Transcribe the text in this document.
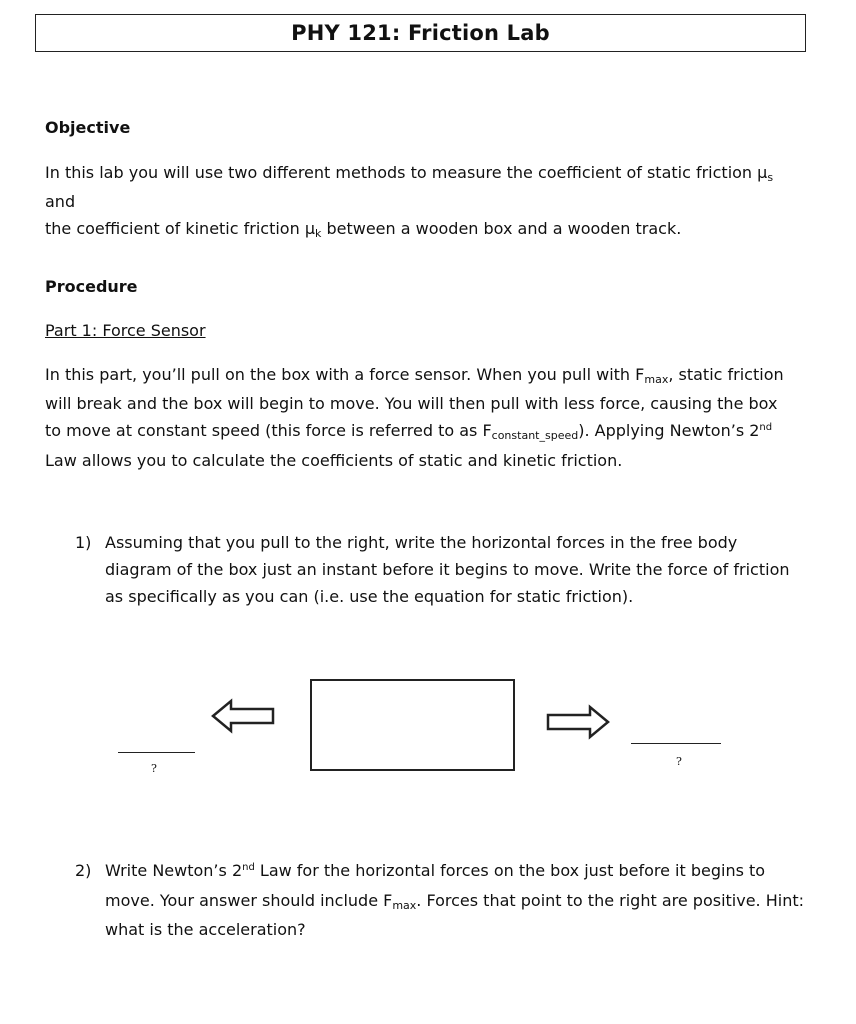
PHY 121: Friction Lab
Objective
In this lab you will use two different methods to measure the coefficient of static friction μs and
the coefficient of kinetic friction μk between a wooden box and a wooden track.
Procedure
Part 1: Force Sensor
In this part, you’ll pull on the box with a force sensor. When you pull with Fmax, static friction will break and the box will begin to move. You will then pull with less force, causing the box to move at constant speed (this force is referred to as Fconstant_speed). Applying Newton’s 2nd Law allows you to calculate the coefficients of static and kinetic friction.
1) Assuming that you pull to the right, write the horizontal forces in the free body diagram of the box just an instant before it begins to move. Write the force of friction as specifically as you can (i.e. use the equation for static friction).
?
?
2) Write Newton’s 2nd Law for the horizontal forces on the box just before it begins to move. Your answer should include Fmax. Forces that point to the right are positive. Hint: what is the acceleration?
